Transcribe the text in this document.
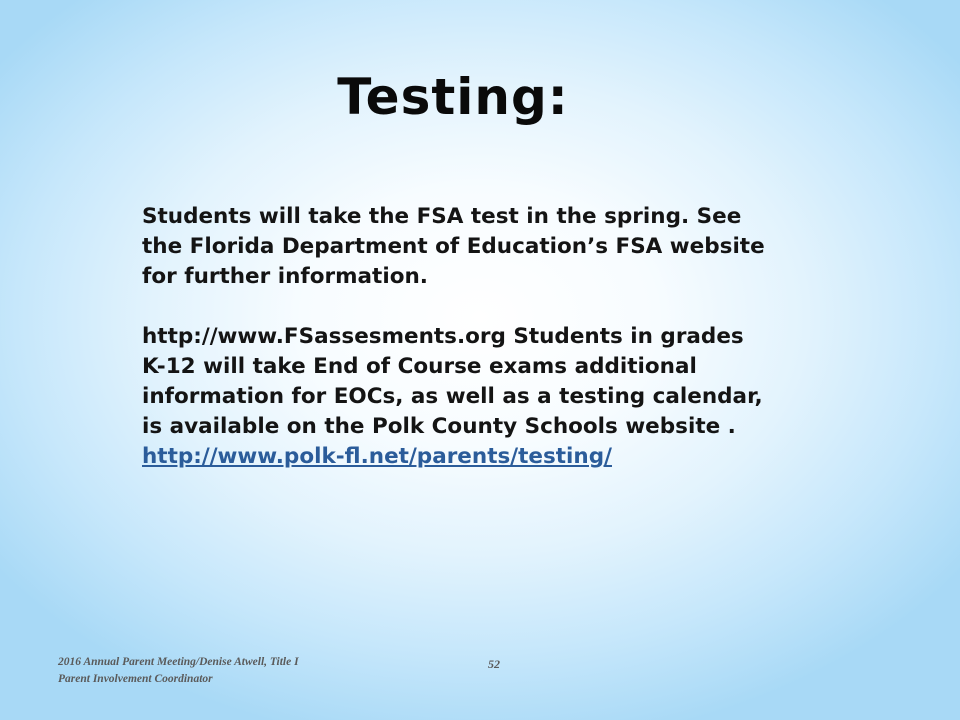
Testing:

Students will take the FSA test in the spring. See

the Florida Department of Education’s FSA website

for further information.

http://www.FSassesments.org Students in grades

K-12 will take End of Course exams additional

information for EOCs, as well as a testing calendar,

is available on the Polk County Schools website .

http://www.polk-fl.net/parents/testing/

2016 Annual Parent Meeting/Denise Atwell, Title I

Parent Involvement Coordinator

52
